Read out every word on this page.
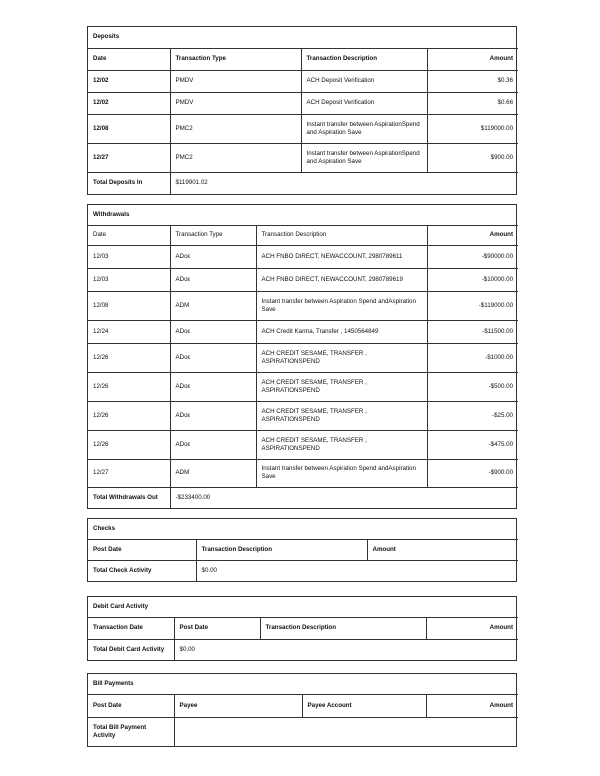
Deposits			
Date	Transaction Type	Transaction Description	Amount
12/02	PMDV	ACH Deposit Verification	$0.36
12/02	PMDV	ACH Deposit Verification	$0.66
12/08	PMC2	Instant transfer between AspirationSpend and Aspiration Save	$119000.00
12/27	PMC2	Instant transfer between AspirationSpend and Aspiration Save	$900.00
Total Deposits In	$119901.02		
Withdrawals			
Date	Transaction Type	Transaction Description	Amount
12/03	ADoε	ACH FNBO DIRECT, NEWACCOUNT, 2980789611	-$90000.00
12/03	ADoε	ACH FNBO DIRECT, NEWACCOUNT, 2980789619	-$10000.00
12/08	ADM	Instant transfer between Aspiration Spend andAspiration Save	-$119000.00
12/24	ADoε	ACH Credit Karma, Transfer , 1450564849	-$11500.00
12/26	ADoε	ACH CREDIT SESAME, TRANSFER , ASPIRATIONSPEND	-$1000.00
12/26	ADoε	ACH CREDIT SESAME, TRANSFER , ASPIRATIONSPEND	-$500.00
12/26	ADoε	ACH CREDIT SESAME, TRANSFER , ASPIRATIONSPEND	-$25.00
12/26	ADoε	ACH CREDIT SESAME, TRANSFER , ASPIRATIONSPEND	-$475.00
12/27	ADM	Instant transfer between Aspiration Spend andAspiration Save	-$900.00
Total Withdrawals Out	-$233400.00		
Checks		
Post Date	Transaction Description	Amount
Total Check Activity	$0.00	
Debit Card Activity			
Transaction Date	Post Date	Transaction Description	Amount
Total Debit Card Activity	$0.00		
Bill Payments			
Post Date	Payee	Payee Account	Amount
Total Bill Payment Activity			
